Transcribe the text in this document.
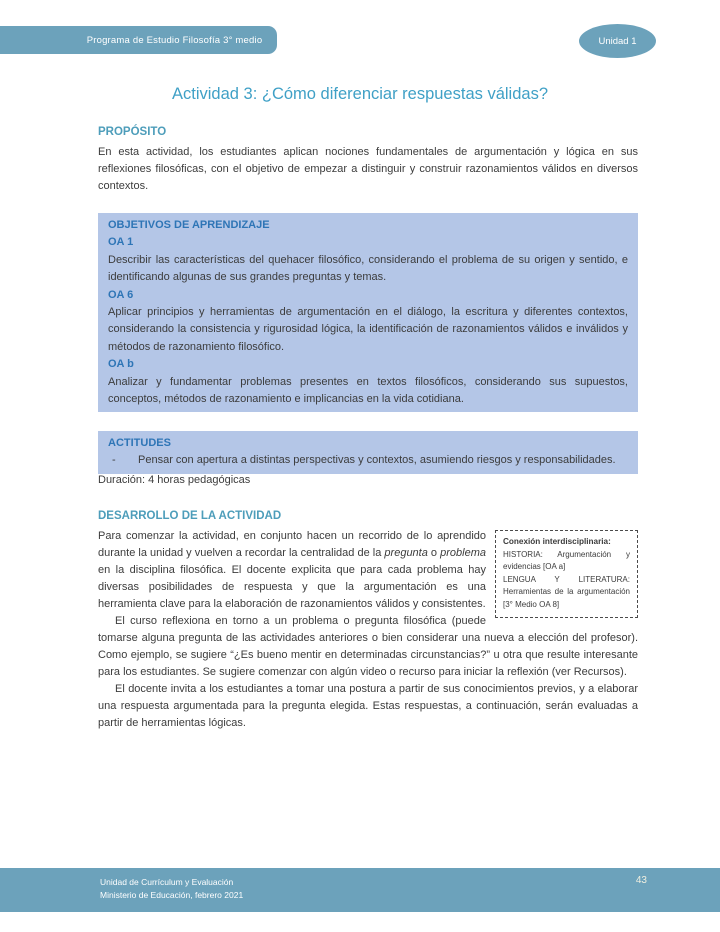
Programa de Estudio Filosofía 3° medio	Unidad 1
Actividad 3: ¿Cómo diferenciar respuestas válidas?
PROPÓSITO
En esta actividad, los estudiantes aplican nociones fundamentales de argumentación y lógica en sus reflexiones filosóficas, con el objetivo de empezar a distinguir y construir razonamientos válidos en diversos contextos.
OBJETIVOS DE APRENDIZAJE
OA 1
Describir las características del quehacer filosófico, considerando el problema de su origen y sentido, e identificando algunas de sus grandes preguntas y temas.
OA 6
Aplicar principios y herramientas de argumentación en el diálogo, la escritura y diferentes contextos, considerando la consistencia y rigurosidad lógica, la identificación de razonamientos válidos e inválidos y métodos de razonamiento filosófico.
OA b
Analizar y fundamentar problemas presentes en textos filosóficos, considerando sus supuestos, conceptos, métodos de razonamiento e implicancias en la vida cotidiana.
ACTITUDES
-	Pensar con apertura a distintas perspectivas y contextos, asumiendo riesgos y responsabilidades.
Duración: 4 horas pedagógicas
DESARROLLO DE LA ACTIVIDAD
Conexión interdisciplinaria:
HISTORIA: Argumentación y evidencias [OA a]
LENGUA Y LITERATURA: Herramientas de la argumentación [3° Medio OA 8]

Para comenzar la actividad, en conjunto hacen un recorrido de lo aprendido durante la unidad y vuelven a recordar la centralidad de la pregunta o problema en la disciplina filosófica. El docente explicita que para cada problema hay diversas posibilidades de respuesta y que la argumentación es una herramienta clave para la elaboración de razonamientos válidos y consistentes.

El curso reflexiona en torno a un problema o pregunta filosófica (puede tomarse alguna pregunta de las actividades anteriores o bien considerar una nueva a elección del profesor). Como ejemplo, se sugiere “¿Es bueno mentir en determinadas circunstancias?” u otra que resulte interesante para los estudiantes. Se sugiere comenzar con algún video o recurso para iniciar la reflexión (ver Recursos).

El docente invita a los estudiantes a tomar una postura a partir de sus conocimientos previos, y a elaborar una respuesta argumentada para la pregunta elegida. Estas respuestas, a continuación, serán evaluadas a partir de herramientas lógicas.

Unidad de Currículum y Evaluación
Ministerio de Educación, febrero 2021
43
